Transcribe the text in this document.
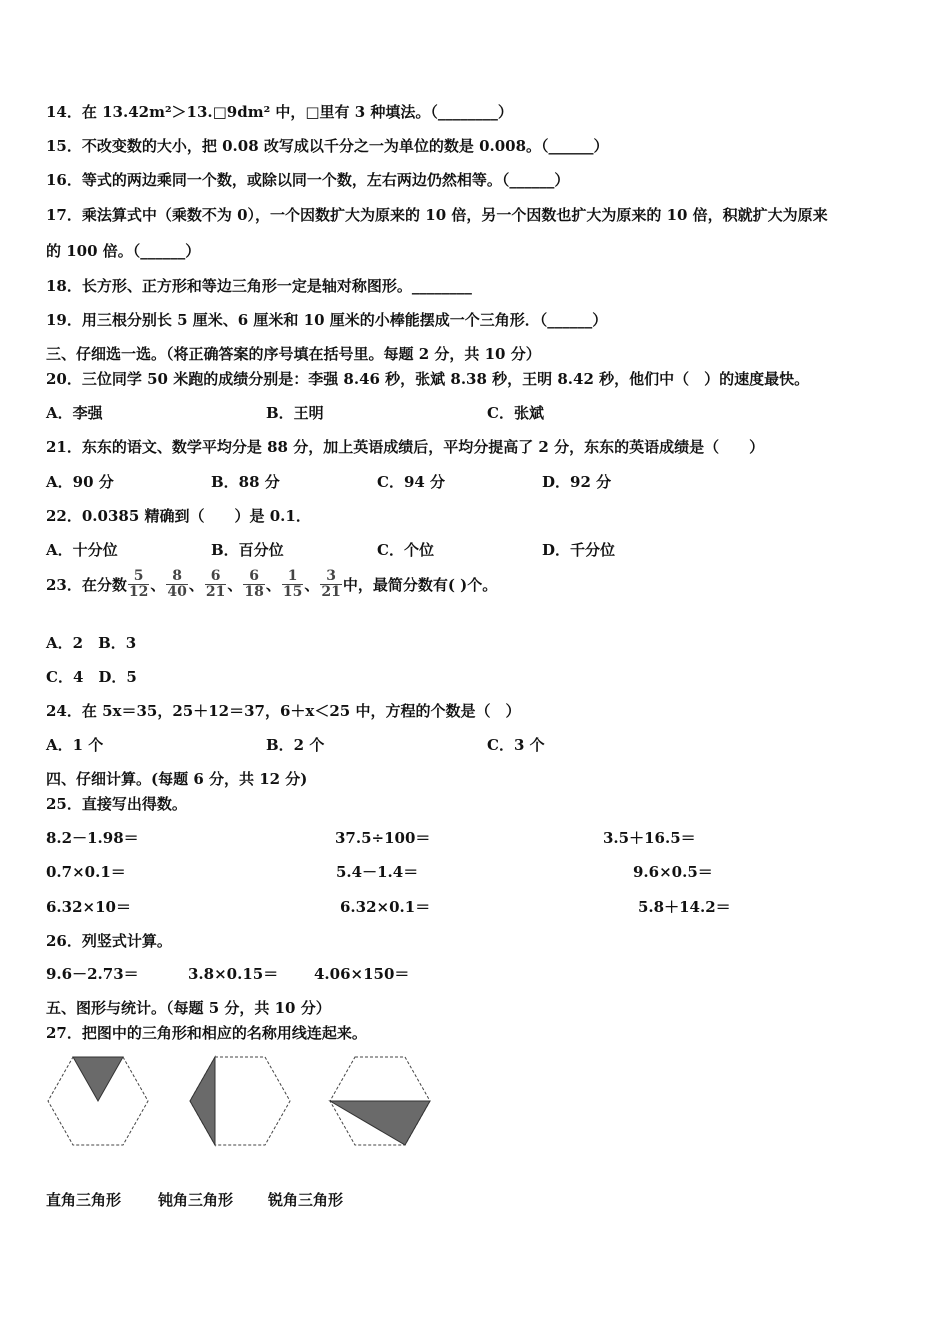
14．在 13.42m²＞13.□9dm² 中，□里有 3 种填法。（________）
15．不改变数的大小，把 0.08 改写成以千分之一为单位的数是 0.008。（______）
16．等式的两边乘同一个数，或除以同一个数，左右两边仍然相等。（______）
17．乘法算式中（乘数不为 0），一个因数扩大为原来的 10 倍，另一个因数也扩大为原来的 10 倍，积就扩大为原来
的 100 倍。（______）
18．长方形、正方形和等边三角形一定是轴对称图形。________
19．用三根分别长 5 厘米、6 厘米和 10 厘米的小棒能摆成一个三角形．（______）
三、仔细选一选。（将正确答案的序号填在括号里。每题 2 分，共 10 分）
20．三位同学 50 米跑的成绩分别是：李强 8.46 秒，张斌 8.38 秒，王明 8.42 秒，他们中（　）的速度最快。
A．李强	B．王明	C．张斌
21．东东的语文、数学平均分是 88 分，加上英语成绩后，平均分提高了 2 分，东东的英语成绩是（　　）
A．90 分	B．88 分	C．94 分	D．92 分
22．0.0385 精确到（　　）是 0.1．
A．十分位	B．百分位	C．个位	D．千分位
23．在分数 $\frac{5}{12}$ 、 $\frac{8}{40}$ 、 $\frac{6}{21}$ 、 $\frac{6}{18}$ 、 $\frac{1}{15}$ 、 $\frac{3}{21}$ 中，最简分数有( )个。
A．2　B．3
C．4　D．5
24．在 5x＝35，25＋12＝37，6＋x＜25 中，方程的个数是（　）
A．1 个	B．2 个	C．3 个
四、仔细计算。(每题 6 分，共 12 分)
25．直接写出得数。
8.2－1.98＝	37.5÷100＝	3.5＋16.5＝
0.7×0.1＝	5.4－1.4＝	9.6×0.5＝
6.32×10＝	6.32×0.1＝	5.8＋14.2＝
26．列竖式计算。
9.6－2.73＝	3.8×0.15＝ 4.06×150＝
五、图形与统计。（每题 5 分，共 10 分）
27．把图中的三角形和相应的名称用线连起来。
直角三角形 钝角三角形 锐角三角形
